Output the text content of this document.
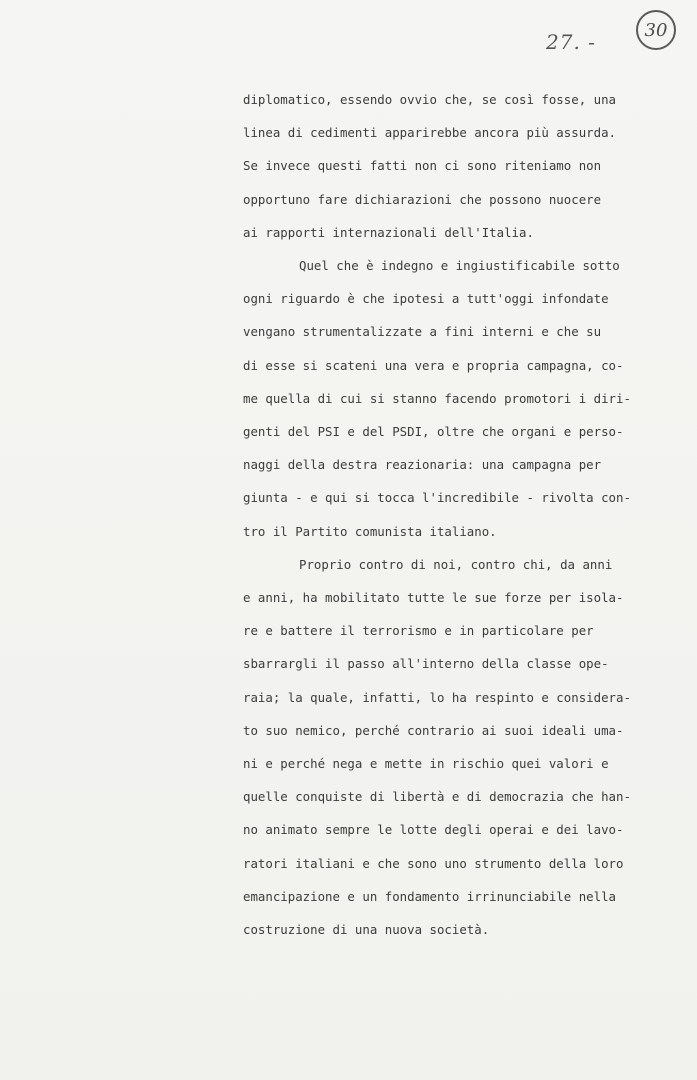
27. -	30
diplomatico, essendo ovvio che, se così fosse, una
linea di cedimenti apparirebbe ancora più assurda.
Se invece questi fatti non ci sono riteniamo non
opportuno fare dichiarazioni che possono nuocere
ai rapporti internazionali dell'Italia.
Quel che è indegno e ingiustificabile sotto
ogni riguardo è che ipotesi a tutt'oggi infondate
vengano strumentalizzate a fini interni e che su
di esse si scateni una vera e propria campagna, co-
me quella di cui si stanno facendo promotori i diri-
genti del PSI e del PSDI, oltre che organi e perso-
naggi della destra reazionaria: una campagna per
giunta - e qui si tocca l'incredibile - rivolta con-
tro il Partito comunista italiano.
Proprio contro di noi, contro chi, da anni
e anni, ha mobilitato tutte le sue forze per isola-
re e battere il terrorismo e in particolare per
sbarrargli il passo all'interno della classe ope-
raia; la quale, infatti, lo ha respinto e considera-
to suo nemico, perché contrario ai suoi ideali uma-
ni e perché nega e mette in rischio quei valori e
quelle conquiste di libertà e di democrazia che han-
no animato sempre le lotte degli operai e dei lavo-
ratori italiani e che sono uno strumento della loro
emancipazione e un fondamento irrinunciabile nella
costruzione di una nuova società.
